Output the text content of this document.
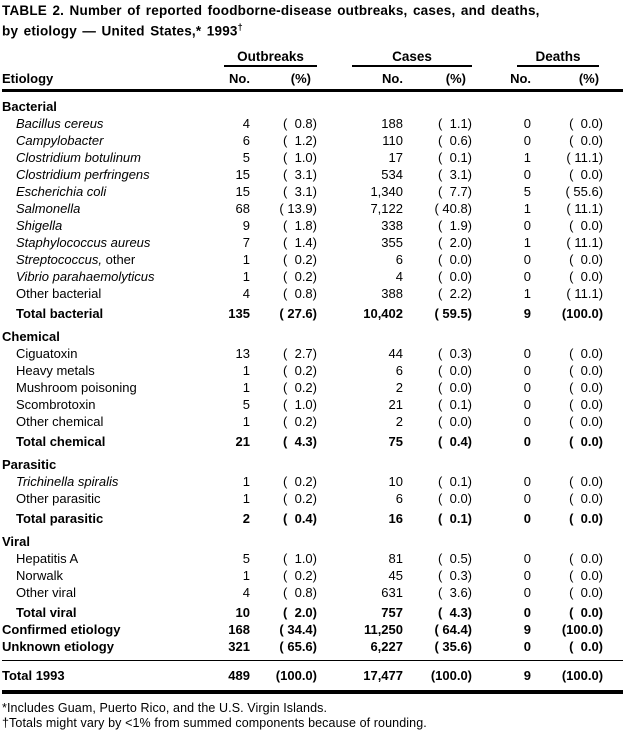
TABLE 2. Number of reported foodborne-disease outbreaks, cases, and deaths,
by etiology — United States,* 1993†

	Outbreaks		Cases		Deaths	

Etiology	No.	(%)	No.	(%)	No.	(%)
Bacterial						
Bacillus cereus	4	(  0.8)	188	(  1.1)	0	(  0.0)
Campylobacter	6	(  1.2)	110	(  0.6)	0	(  0.0)
Clostridium botulinum	5	(  1.0)	17	(  0.1)	1	( 11.1)
Clostridium perfringens	15	(  3.1)	534	(  3.1)	0	(  0.0)
Escherichia coli	15	(  3.1)	1,340	(  7.7)	5	( 55.6)
Salmonella	68	( 13.9)	7,122	( 40.8)	1	( 11.1)
Shigella	9	(  1.8)	338	(  1.9)	0	(  0.0)
Staphylococcus aureus	7	(  1.4)	355	(  2.0)	1	( 11.1)
Streptococcus, other	1	(  0.2)	6	(  0.0)	0	(  0.0)
Vibrio parahaemolyticus	1	(  0.2)	4	(  0.0)	0	(  0.0)
Other bacterial	4	(  0.8)	388	(  2.2)	1	( 11.1)
Total bacterial	135	( 27.6)	10,402	( 59.5)	9	(100.0)
Chemical						
Ciguatoxin	13	(  2.7)	44	(  0.3)	0	(  0.0)
Heavy metals	1	(  0.2)	6	(  0.0)	0	(  0.0)
Mushroom poisoning	1	(  0.2)	2	(  0.0)	0	(  0.0)
Scombrotoxin	5	(  1.0)	21	(  0.1)	0	(  0.0)
Other chemical	1	(  0.2)	2	(  0.0)	0	(  0.0)
Total chemical	21	(  4.3)	75	(  0.4)	0	(  0.0)
Parasitic						
Trichinella spiralis	1	(  0.2)	10	(  0.1)	0	(  0.0)
Other parasitic	1	(  0.2)	6	(  0.0)	0	(  0.0)
Total parasitic	2	(  0.4)	16	(  0.1)	0	(  0.0)
Viral						
Hepatitis A	5	(  1.0)	81	(  0.5)	0	(  0.0)
Norwalk	1	(  0.2)	45	(  0.3)	0	(  0.0)
Other viral	4	(  0.8)	631	(  3.6)	0	(  0.0)
Total viral	10	(  2.0)	757	(  4.3)	0	(  0.0)
Confirmed etiology	168	( 34.4)	11,250	( 64.4)	9	(100.0)
Unknown etiology	321	( 65.6)	6,227	( 35.6)	0	(  0.0)
Total 1993	489	(100.0)	17,477	(100.0)	9	(100.0)

*Includes Guam, Puerto Rico, and the U.S. Virgin Islands.

†Totals might vary by <1% from summed components because of rounding.
